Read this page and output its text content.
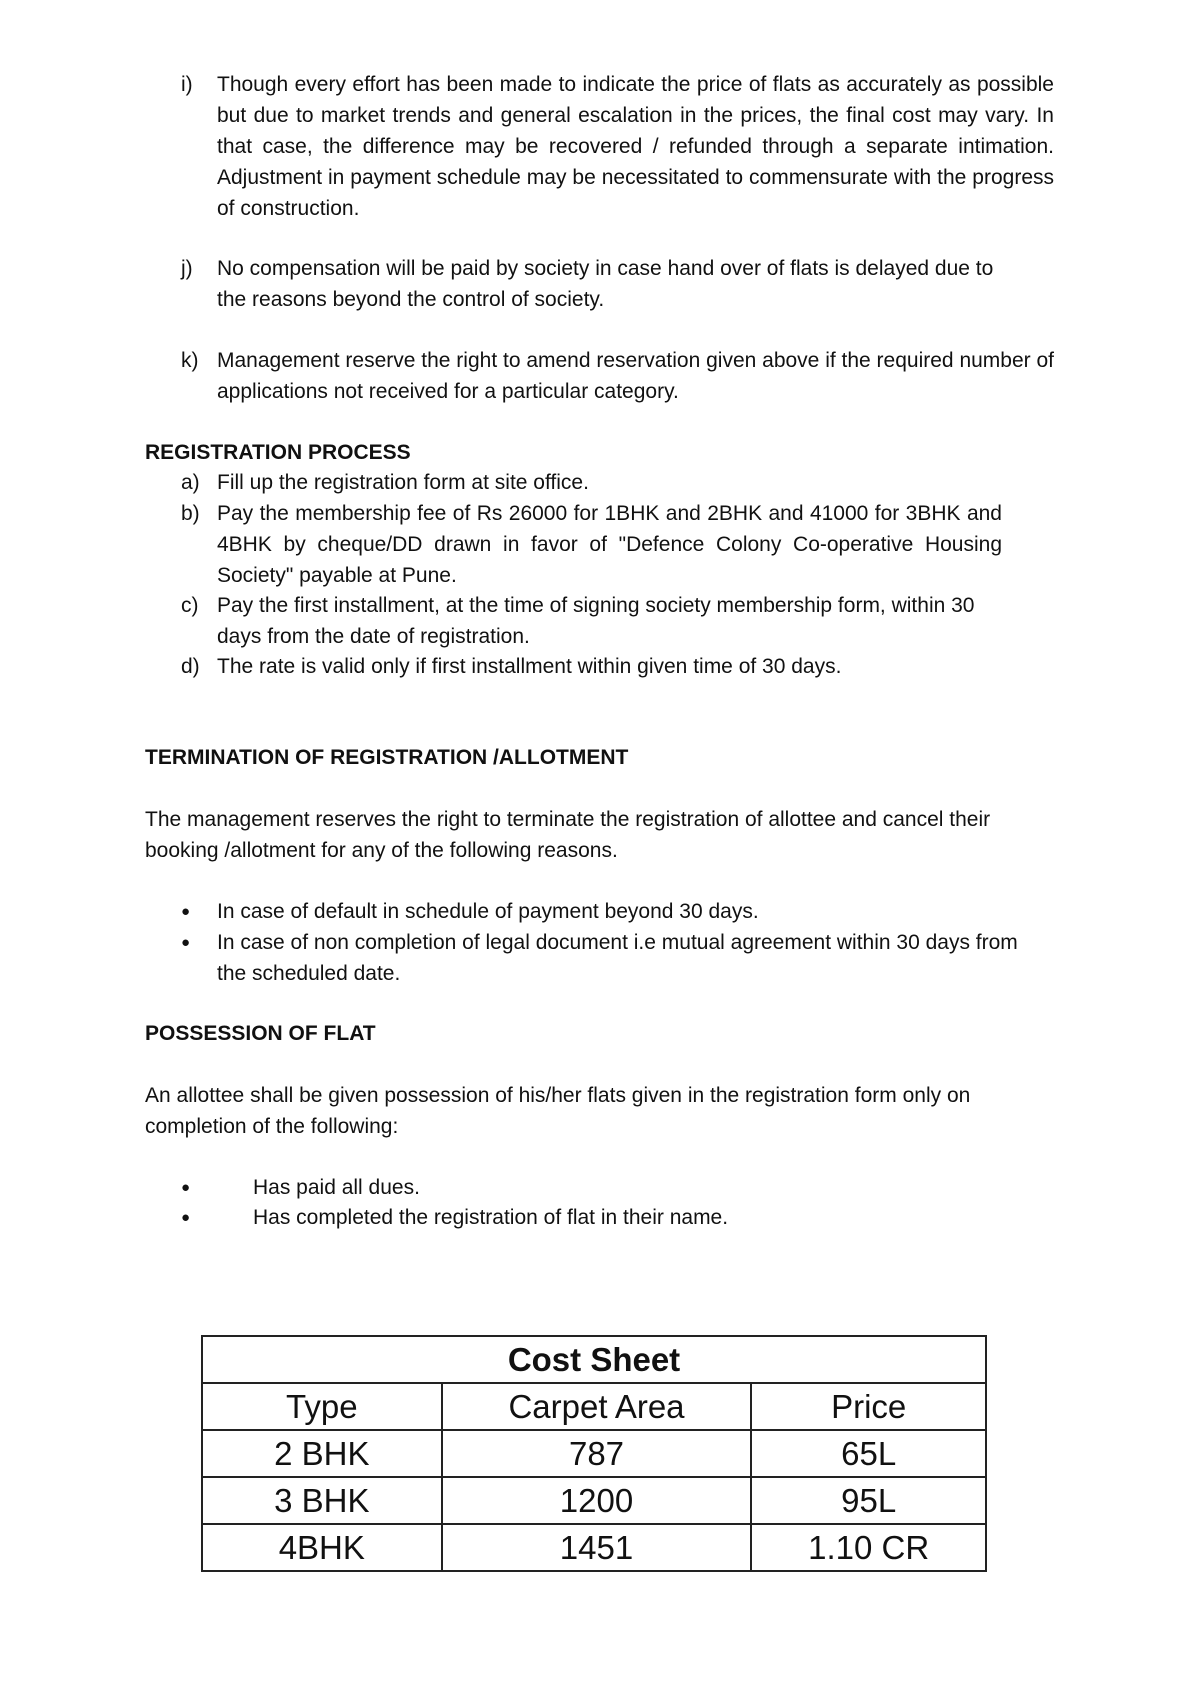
i) Though every effort has been made to indicate the price of flats as accurately as possible but due to market trends and general escalation in the prices, the final cost may vary. In that case, the difference may be recovered / refunded through a separate intimation. Adjustment in payment schedule may be necessitated to commensurate with the progress of construction.
j) No compensation will be paid by society in case hand over of flats is delayed due to the reasons beyond the control of society.
k) Management reserve the right to amend reservation given above if the required number of applications not received for a particular category.
REGISTRATION PROCESS
a) Fill up the registration form at site office.
b) Pay the membership fee of Rs 26000 for 1BHK and 2BHK and 41000 for 3BHK and 4BHK by cheque/DD drawn in favor of "Defence Colony Co-operative Housing Society" payable at Pune.
c) Pay the first installment, at the time of signing society membership form, within 30 days from the date of registration.
d) The rate is valid only if first installment within given time of 30 days.
TERMINATION OF REGISTRATION /ALLOTMENT
The management reserves the right to terminate the registration of allottee and cancel their booking /allotment for any of the following reasons.
● In case of default in schedule of payment beyond 30 days.
● In case of non completion of legal document i.e mutual agreement within 30 days from the scheduled date.
POSSESSION OF FLAT
An allottee shall be given possession of his/her flats given in the registration form only on completion of the following:
●	Has paid all dues.
●	Has completed the registration of flat in their name.
Cost Sheet		
Type	Carpet Area	Price
2 BHK	787	65L
3 BHK	1200	95L
4BHK	1451	1.10 CR
